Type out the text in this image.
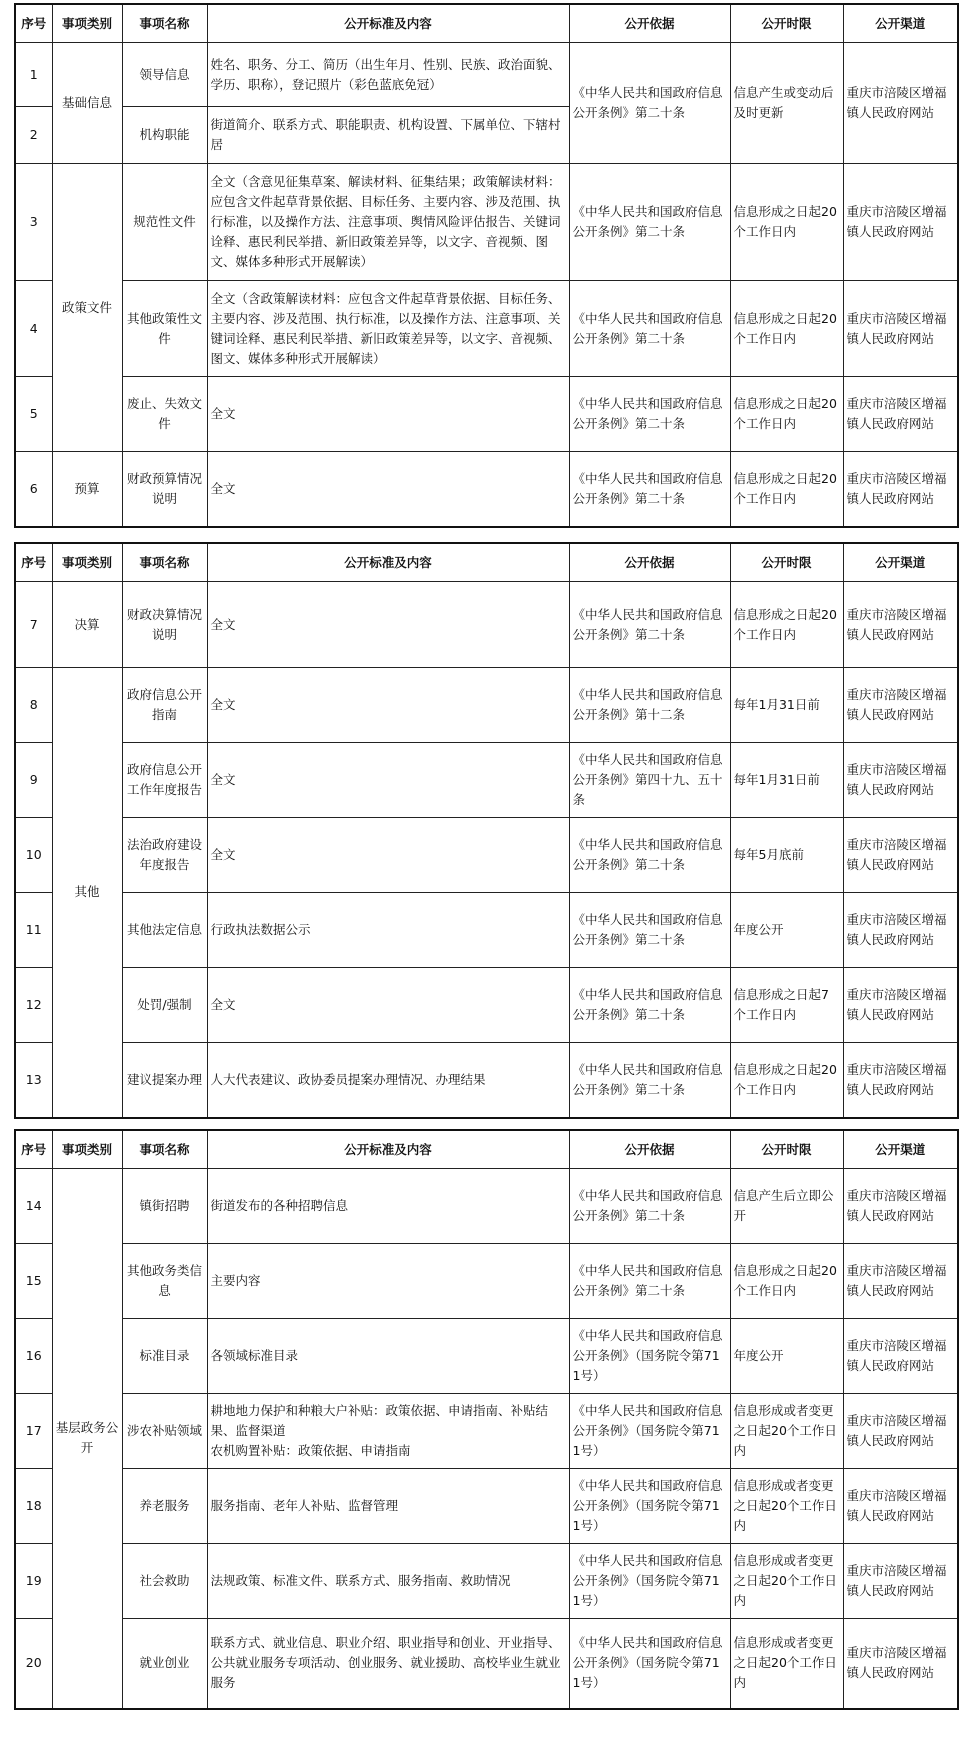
序号	事项类别	事项名称	公开标准及内容	公开依据	公开时限	公开渠道
1	基础信息	领导信息	姓名、职务、分工、简历（出生年月、性别、民族、政治面貌、学历、职称），登记照片（彩色蓝底免冠）	《中华人民共和国政府信息公开条例》第二十条	信息产生或变动后及时更新	重庆市涪陵区增福镇人民政府网站
2		机构职能	街道简介、联系方式、职能职责、机构设置、下属单位、下辖村居			
3	政策文件	规范性文件	全文（含意见征集草案、解读材料、征集结果；政策解读材料：应包含文件起草背景依据、目标任务、主要内容、涉及范围、执行标准，以及操作方法、注意事项、舆情风险评估报告、关键词诠释、惠民利民举措、新旧政策差异等，以文字、音视频、图文、媒体多种形式开展解读）	《中华人民共和国政府信息公开条例》第二十条	信息形成之日起20个工作日内	重庆市涪陵区增福镇人民政府网站
4		其他政策性文件	全文（含政策解读材料：应包含文件起草背景依据、目标任务、主要内容、涉及范围、执行标准，以及操作方法、注意事项、关键词诠释、惠民利民举措、新旧政策差异等，以文字、音视频、图文、媒体多种形式开展解读）	《中华人民共和国政府信息公开条例》第二十条	信息形成之日起20个工作日内	重庆市涪陵区增福镇人民政府网站
5		废止、失效文件	全文	《中华人民共和国政府信息公开条例》第二十条	信息形成之日起20个工作日内	重庆市涪陵区增福镇人民政府网站
6	预算	财政预算情况说明	全文	《中华人民共和国政府信息公开条例》第二十条	信息形成之日起20个工作日内	重庆市涪陵区增福镇人民政府网站
序号	事项类别	事项名称	公开标准及内容	公开依据	公开时限	公开渠道
7	决算	财政决算情况说明	全文	《中华人民共和国政府信息公开条例》第二十条	信息形成之日起20个工作日内	重庆市涪陵区增福镇人民政府网站
8	其他	政府信息公开指南	全文	《中华人民共和国政府信息公开条例》第十二条	每年1月31日前	重庆市涪陵区增福镇人民政府网站
9		政府信息公开工作年度报告	全文	《中华人民共和国政府信息公开条例》第四十九、五十条	每年1月31日前	重庆市涪陵区增福镇人民政府网站
10		法治政府建设年度报告	全文	《中华人民共和国政府信息公开条例》第二十条	每年5月底前	重庆市涪陵区增福镇人民政府网站
11		其他法定信息	行政执法数据公示	《中华人民共和国政府信息公开条例》第二十条	年度公开	重庆市涪陵区增福镇人民政府网站
12		处罚/强制	全文	《中华人民共和国政府信息公开条例》第二十条	信息形成之日起7个工作日内	重庆市涪陵区增福镇人民政府网站
13		建议提案办理	人大代表建议、政协委员提案办理情况、办理结果	《中华人民共和国政府信息公开条例》第二十条	信息形成之日起20个工作日内	重庆市涪陵区增福镇人民政府网站
序号	事项类别	事项名称	公开标准及内容	公开依据	公开时限	公开渠道
14	基层政务公开	镇街招聘	街道发布的各种招聘信息	《中华人民共和国政府信息公开条例》第二十条	信息产生后立即公开	重庆市涪陵区增福镇人民政府网站
15		其他政务类信息	主要内容	《中华人民共和国政府信息公开条例》第二十条	信息形成之日起20个工作日内	重庆市涪陵区增福镇人民政府网站
16		标准目录	各领域标准目录	《中华人民共和国政府信息公开条例》（国务院令第711号）	年度公开	重庆市涪陵区增福镇人民政府网站
17		涉农补贴领域	耕地地力保护和种粮大户补贴：政策依据、申请指南、补贴结果、监督渠道
农机购置补贴：政策依据、申请指南	《中华人民共和国政府信息公开条例》（国务院令第711号）	信息形成或者变更之日起20个工作日内	重庆市涪陵区增福镇人民政府网站
18		养老服务	服务指南、老年人补贴、监督管理	《中华人民共和国政府信息公开条例》（国务院令第711号）	信息形成或者变更之日起20个工作日内	重庆市涪陵区增福镇人民政府网站
19		社会救助	法规政策、标准文件、联系方式、服务指南、救助情况	《中华人民共和国政府信息公开条例》（国务院令第711号）	信息形成或者变更之日起20个工作日内	重庆市涪陵区增福镇人民政府网站
20		就业创业	联系方式、就业信息、职业介绍、职业指导和创业、开业指导、公共就业服务专项活动、创业服务、就业援助、高校毕业生就业服务	《中华人民共和国政府信息公开条例》（国务院令第711号）	信息形成或者变更之日起20个工作日内	重庆市涪陵区增福镇人民政府网站
